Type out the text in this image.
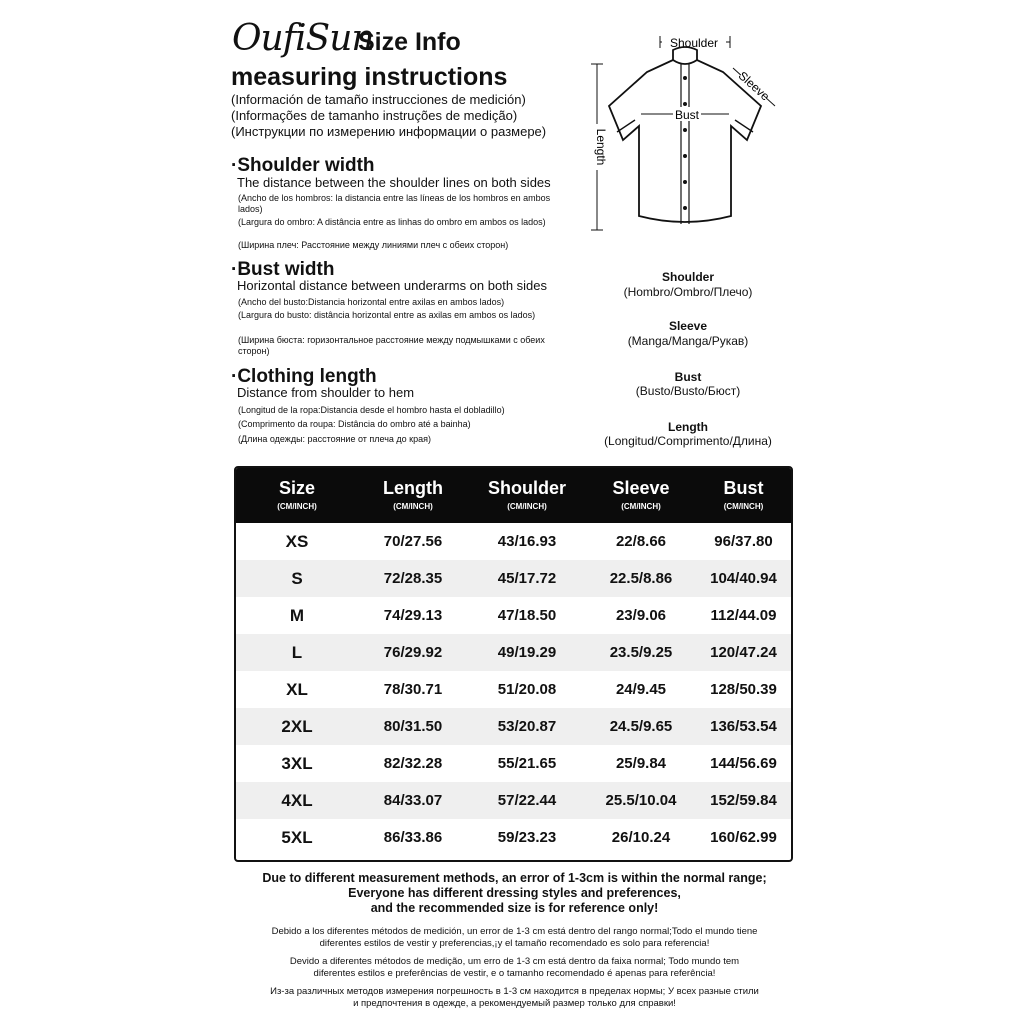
OufiSun
Size Info
measuring instructions
(Información de tamaño instrucciones de medición)
(Informações de tamanho instruções de medição)
(Инструкции по измерению информации о размере)
·Shoulder width
The distance between the shoulder lines on both sides
(Ancho de los hombros: la distancia entre las líneas de los hombros en ambos lados)
(Largura do ombro: A distância entre as linhas do ombro em ambos os lados)
(Ширина плеч: Расстояние между линиями плеч с обеих сторон)
·Bust width
Horizontal distance between underarms on both sides
(Ancho del busto:Distancia horizontal entre axilas en ambos lados)
(Largura do busto: distância horizontal entre as axilas em ambos os lados)
(Ширина бюста: горизонтальное расстояние между подмышками с обеих сторон)
·Clothing length
Distance from shoulder to hem
(Longitud de la ropa:Distancia desde el hombro hasta el dobladillo)
(Comprimento da roupa: Distância do ombro até a bainha)
(Длина одежды: расстояние от плеча до края)
Shoulder
Sleeve
Length
Bust
Shoulder
(Hombro/Ombro/Плечо)
Sleeve
(Manga/Manga/Рукав)
Bust
(Busto/Busto/Бюст)
Length
(Longitud/Comprimento/Длина)
Size
(CM/INCH)
Length
(CM/INCH)
Shoulder
(CM/INCH)
Sleeve
(CM/INCH)
Bust
(CM/INCH)
XS	70/27.56	43/16.93	22/8.66	96/37.80
S	72/28.35	45/17.72	22.5/8.86	104/40.94
M	74/29.13	47/18.50	23/9.06	112/44.09
L	76/29.92	49/19.29	23.5/9.25	120/47.24
XL	78/30.71	51/20.08	24/9.45	128/50.39
2XL	80/31.50	53/20.87	24.5/9.65	136/53.54
3XL	82/32.28	55/21.65	25/9.84	144/56.69
4XL	84/33.07	57/22.44	25.5/10.04	152/59.84
5XL	86/33.86	59/23.23	26/10.24	160/62.99
Due to different measurement methods, an error of 1-3cm is within the normal range;
Everyone has different dressing styles and preferences,
and the recommended size is for reference only!
Debido a los diferentes métodos de medición, un error de 1-3 cm está dentro del rango normal;Todo el mundo tiene
diferentes estilos de vestir y preferencias,¡y el tamaño recomendado es solo para referencia!
Devido a diferentes métodos de medição, um erro de 1-3 cm está dentro da faixa normal; Todo mundo tem
diferentes estilos e preferências de vestir, e o tamanho recomendado é apenas para referência!
Из-за различных методов измерения погрешность в 1-3 см находится в пределах нормы; У всех разные стили
и предпочтения в одежде, а рекомендуемый размер только для справки!
